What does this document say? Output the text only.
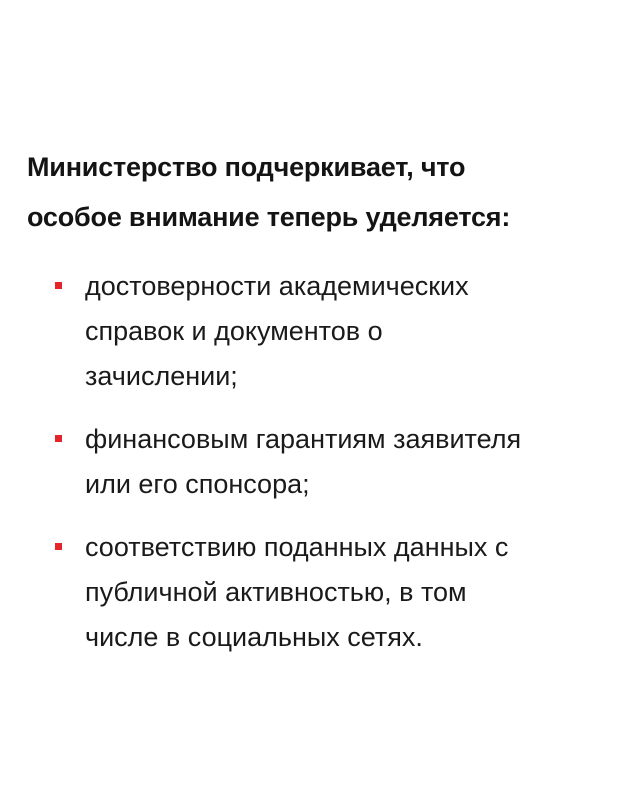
Министерство подчеркивает, что
особое внимание теперь уделяется:
достоверности академических
справок и документов о
зачислении;
финансовым гарантиям заявителя
или его спонсора;
соответствию поданных данных с
публичной активностью, в том
числе в социальных сетях.
